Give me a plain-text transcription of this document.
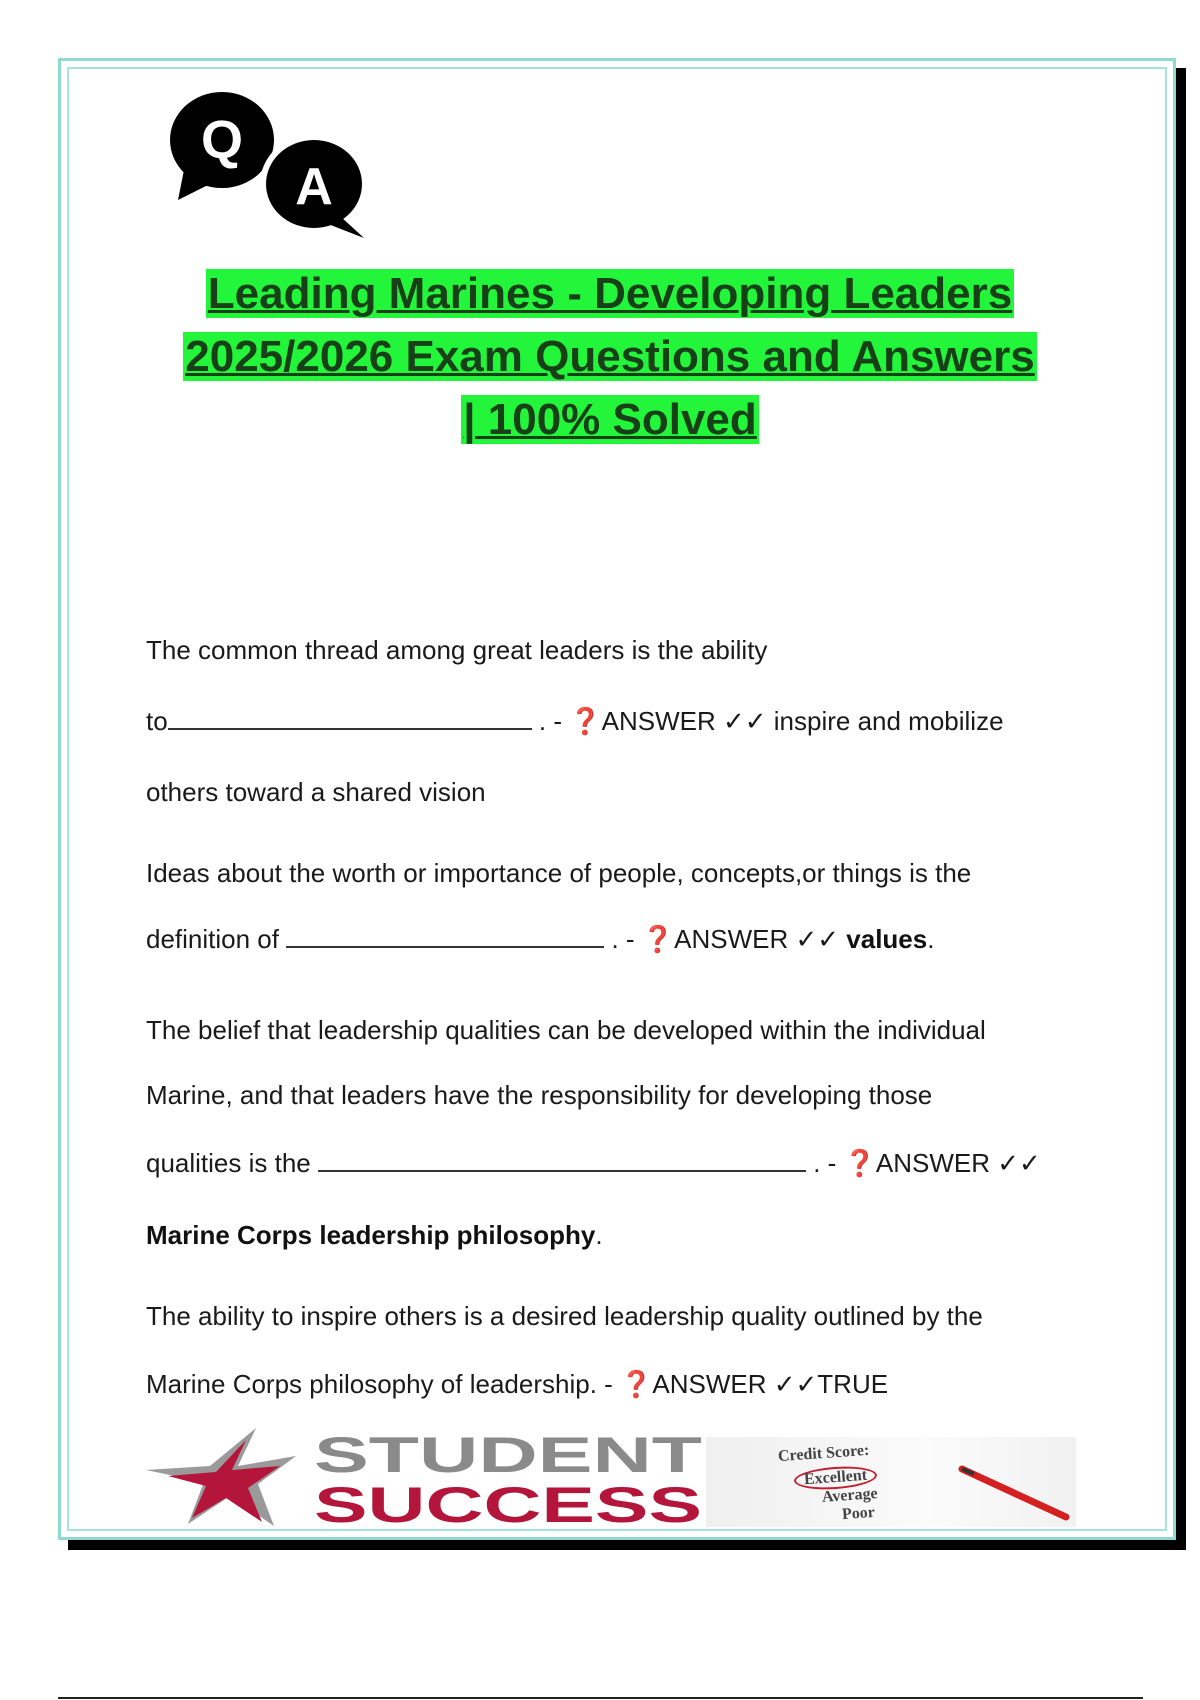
Q
A
Leading Marines - Developing Leaders
2025/2026 Exam Questions and Answers
| 100% Solved
The common thread among great leaders is the ability
to	. - ❓ANSWER ✓✓ inspire and mobilize
others toward a shared vision
Ideas about the worth or importance of people, concepts,or things is the
definition of	. - ❓ANSWER ✓✓ values.
The belief that leadership qualities can be developed within the individual
Marine, and that leaders have the responsibility for developing those
qualities is the	. - ❓ANSWER ✓✓
Marine Corps leadership philosophy.
The ability to inspire others is a desired leadership quality outlined by the
Marine Corps philosophy of leadership. - ❓ANSWER ✓✓TRUE
STUDENT
SUCCESS
Credit Score:
Excellent
Average
Poor
